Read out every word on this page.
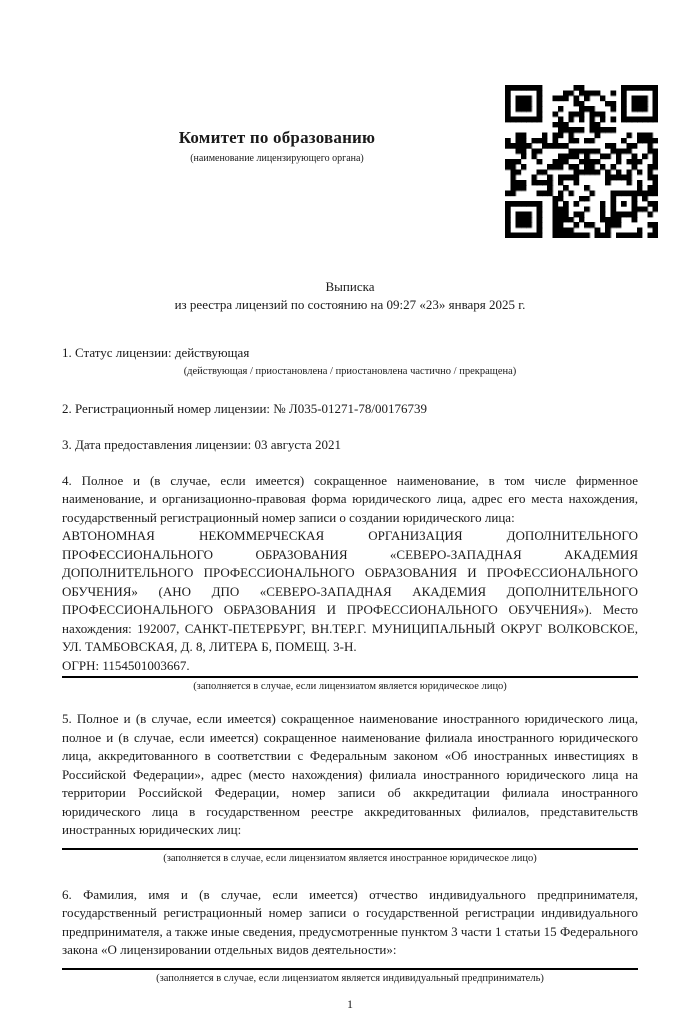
Комитет по образованию
(наименование лицензирующего органа)
Выписка
из реестра лицензий по состоянию на 09:27 «23» января 2025 г.
1. Статус лицензии: действующая
(действующая / приостановлена / приостановлена частично / прекращена)
2. Регистрационный номер лицензии: № Л035-01271-78/00176739
3. Дата предоставления лицензии: 03 августа 2021
4. Полное и (в случае, если имеется) сокращенное наименование, в том числе фирменное наименование, и организационно-правовая форма юридического лица, адрес его места нахождения, государственный регистрационный номер записи о создании юридического лица:
АВТОНОМНАЯ НЕКОММЕРЧЕСКАЯ ОРГАНИЗАЦИЯ ДОПОЛНИТЕЛЬНОГО ПРОФЕССИОНАЛЬНОГО ОБРАЗОВАНИЯ «СЕВЕРО-ЗАПАДНАЯ АКАДЕМИЯ ДОПОЛНИТЕЛЬНОГО ПРОФЕССИОНАЛЬНОГО ОБРАЗОВАНИЯ И ПРОФЕССИОНАЛЬНОГО ОБУЧЕНИЯ» (АНО ДПО «СЕВЕРО-ЗАПАДНАЯ АКАДЕМИЯ ДОПОЛНИТЕЛЬНОГО ПРОФЕССИОНАЛЬНОГО ОБРАЗОВАНИЯ И ПРОФЕССИОНАЛЬНОГО ОБУЧЕНИЯ»). Место нахождения: 192007, САНКТ-ПЕТЕРБУРГ, ВН.ТЕР.Г. МУНИЦИПАЛЬНЫЙ ОКРУГ ВОЛКОВСКОЕ, УЛ. ТАМБОВСКАЯ, Д. 8, ЛИТЕРА Б, ПОМЕЩ. 3-Н.
ОГРН: 1154501003667.
(заполняется в случае, если лицензиатом является юридическое лицо)
5. Полное и (в случае, если имеется) сокращенное наименование иностранного юридического лица, полное и (в случае, если имеется) сокращенное наименование филиала иностранного юридического лица, аккредитованного в соответствии с Федеральным законом «Об иностранных инвестициях в Российской Федерации», адрес (место нахождения) филиала иностранного юридического лица на территории Российской Федерации, номер записи об аккредитации филиала иностранного юридического лица в государственном реестре аккредитованных филиалов, представительств иностранных юридических лиц:
(заполняется в случае, если лицензиатом является иностранное юридическое лицо)
6. Фамилия, имя и (в случае, если имеется) отчество индивидуального предпринимателя, государственный регистрационный номер записи о государственной регистрации индивидуального предпринимателя, а также иные сведения, предусмотренные пунктом 3 части 1 статьи 15 Федерального закона «О лицензировании отдельных видов деятельности»:
(заполняется в случае, если лицензиатом является индивидуальный предприниматель)
1
